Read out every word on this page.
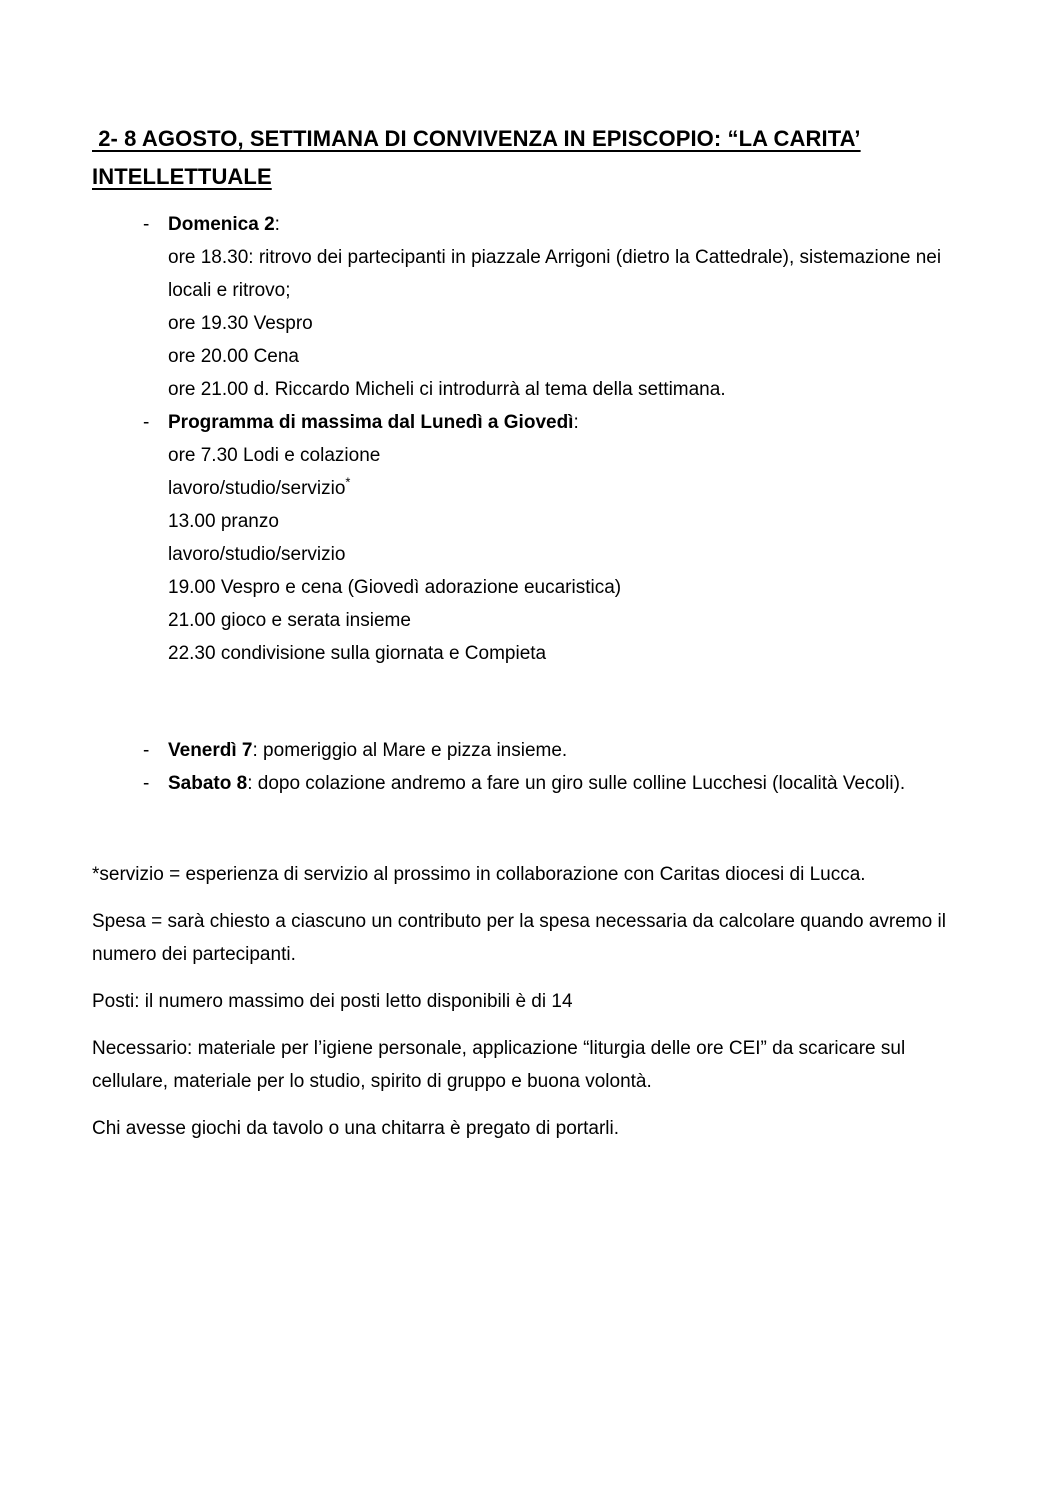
2- 8 AGOSTO, SETTIMANA DI CONVIVENZA IN EPISCOPIO: “LA CARITA’
INTELLETTUALE
- Domenica 2:
ore 18.30: ritrovo dei partecipanti in piazzale Arrigoni (dietro la Cattedrale), sistemazione nei locali e ritrovo;
ore 19.30 Vespro
ore 20.00 Cena
ore 21.00 d. Riccardo Micheli ci introdurrà al tema della settimana.
- Programma di massima dal Lunedì a Giovedì:
ore 7.30 Lodi e colazione
lavoro/studio/servizio*
13.00 pranzo
lavoro/studio/servizio
19.00 Vespro e cena (Giovedì adorazione eucaristica)
21.00 gioco e serata insieme
22.30 condivisione sulla giornata e Compieta
- Venerdì 7: pomeriggio al Mare e pizza insieme.
- Sabato 8: dopo colazione andremo a fare un giro sulle colline Lucchesi (località Vecoli).

*servizio = esperienza di servizio al prossimo in collaborazione con Caritas diocesi di Lucca.

Spesa = sarà chiesto a ciascuno un contributo per la spesa necessaria da calcolare quando avremo il numero dei partecipanti.

Posti: il numero massimo dei posti letto disponibili è di 14

Necessario: materiale per l’igiene personale, applicazione “liturgia delle ore CEI” da scaricare sul cellulare, materiale per lo studio, spirito di gruppo e buona volontà.

Chi avesse giochi da tavolo o una chitarra è pregato di portarli.
